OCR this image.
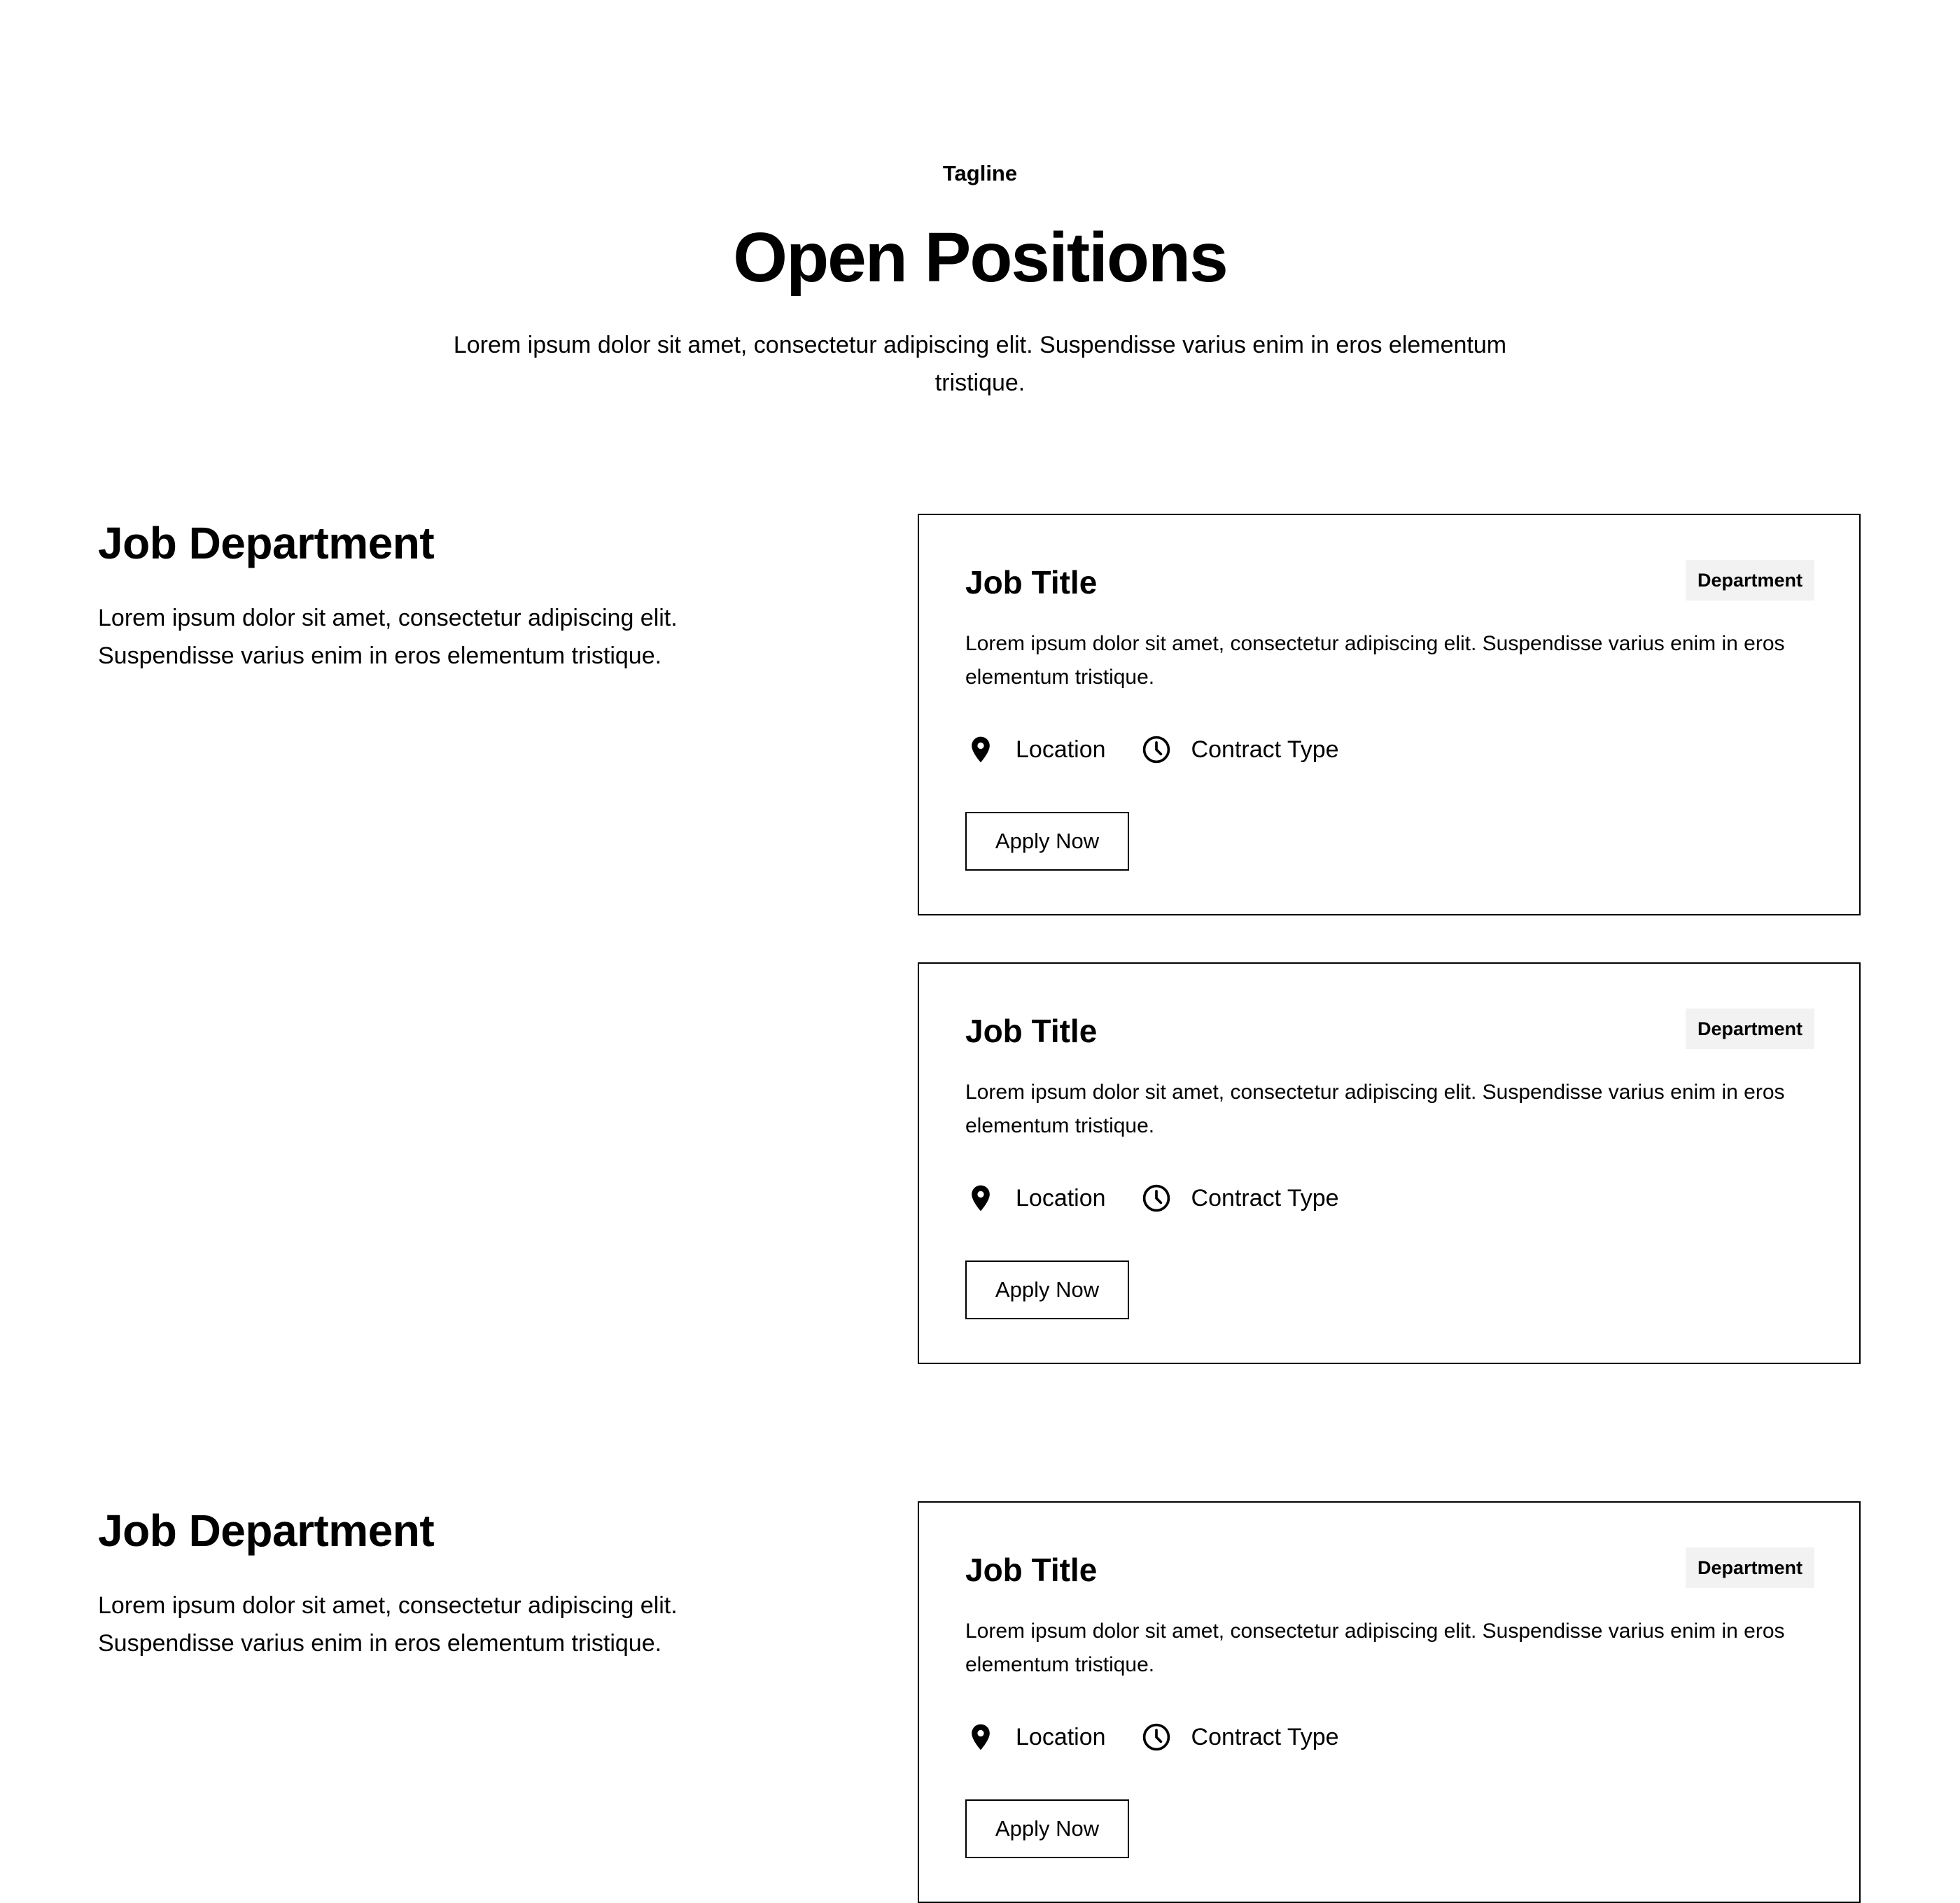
Tagline
Open Positions
Lorem ipsum dolor sit amet, consectetur adipiscing elit. Suspendisse varius enim in eros elementum tristique.
Job Department
Lorem ipsum dolor sit amet, consectetur adipiscing elit. Suspendisse varius enim in eros elementum tristique.
Job Title	Department
Lorem ipsum dolor sit amet, consectetur adipiscing elit. Suspendisse varius enim in eros elementum tristique.
Location	Contract Type
Apply Now
Job Title	Department
Lorem ipsum dolor sit amet, consectetur adipiscing elit. Suspendisse varius enim in eros elementum tristique.
Location	Contract Type
Apply Now
Job Department
Lorem ipsum dolor sit amet, consectetur adipiscing elit. Suspendisse varius enim in eros elementum tristique.
Job Title	Department
Lorem ipsum dolor sit amet, consectetur adipiscing elit. Suspendisse varius enim in eros elementum tristique.
Location	Contract Type
Apply Now
